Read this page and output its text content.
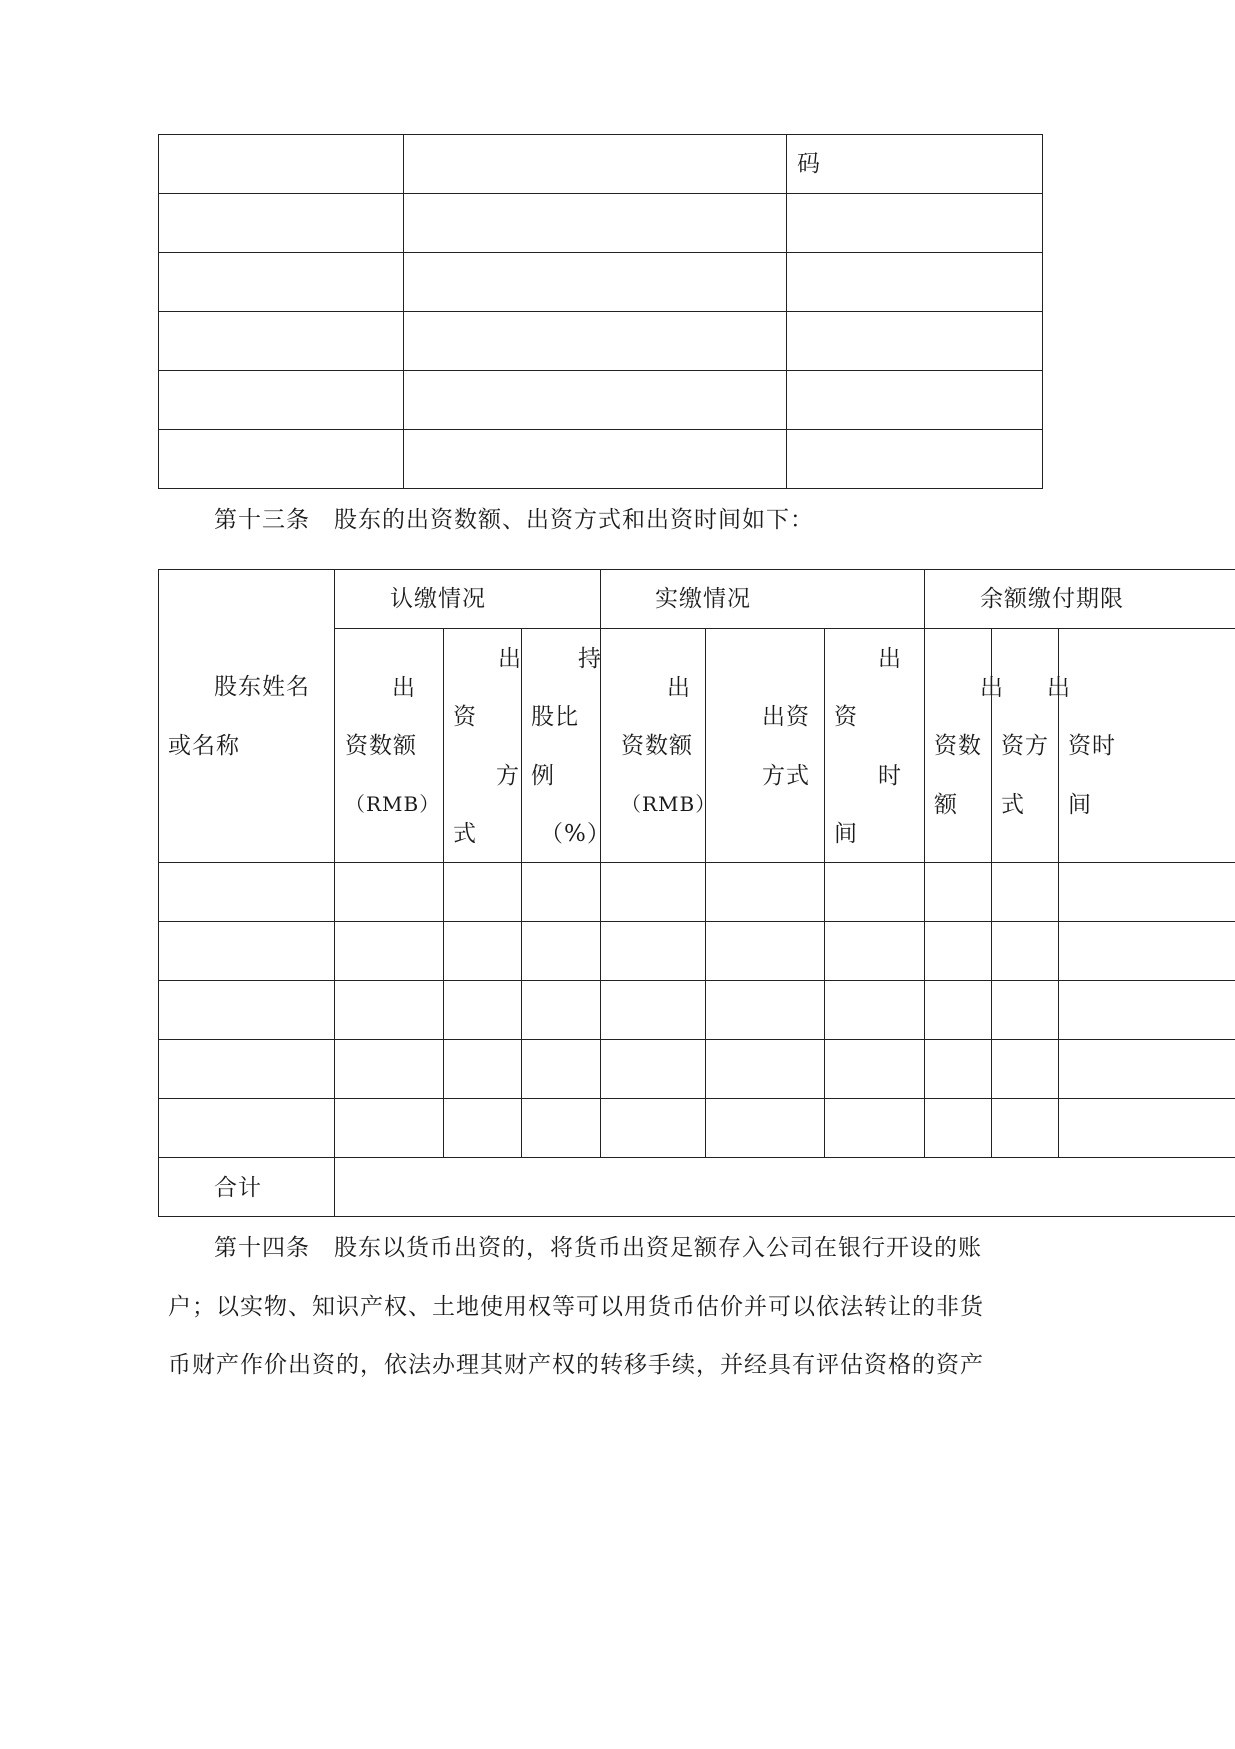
码
第十三条　股东的出资数额、出资方式和出资时间如下：
股东姓名
或名称
认缴情况	实缴情况	余额缴付期限
出
资数额
（RMB）
出
资
方
式
持
股比
例
（%）
出
资数额
（RMB）
出资
方式
出
资
时
间
出
资数
额
出
资方
式
资时
间
合计
第十四条　股东以货币出资的，将货币出资足额存入公司在银行开设的账
户；以实物、知识产权、土地使用权等可以用货币估价并可以依法转让的非货
币财产作价出资的，依法办理其财产权的转移手续，并经具有评估资格的资产
